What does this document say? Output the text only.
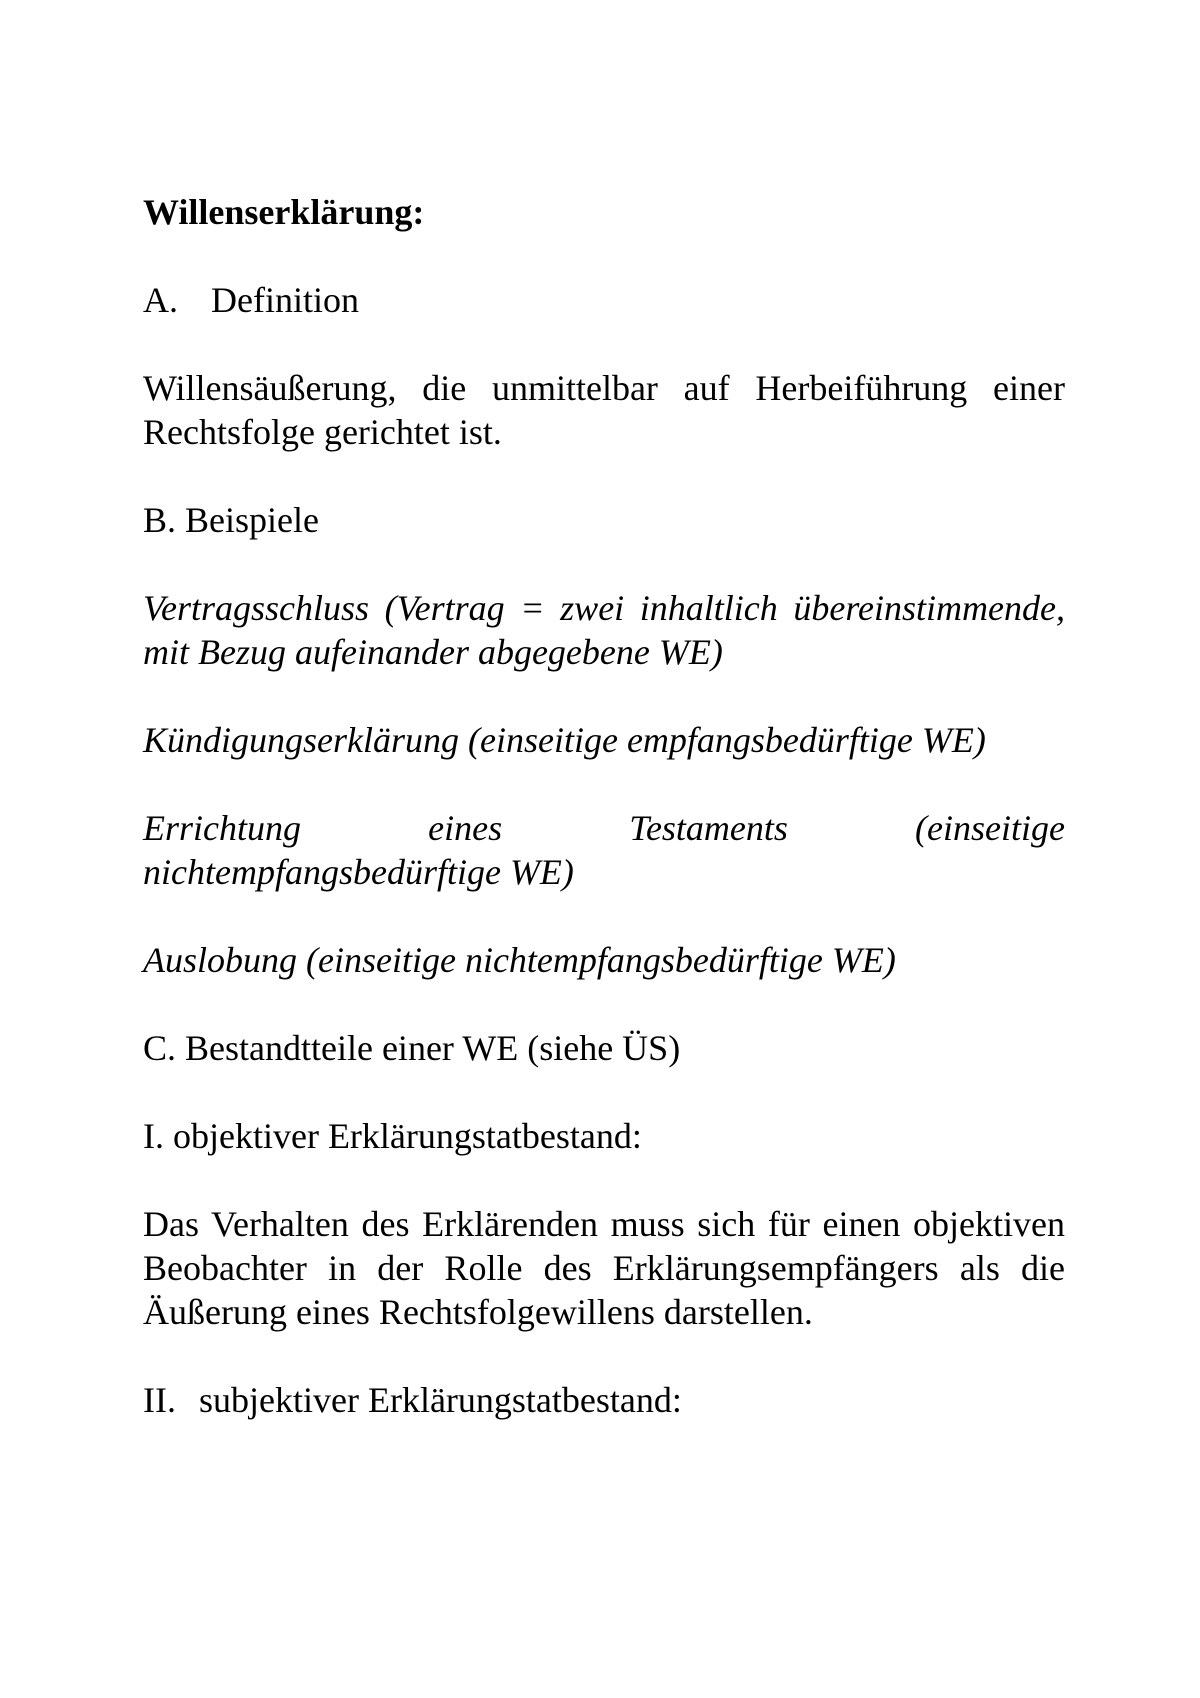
Willenserklärung:
A. Definition
Willensäußerung, die unmittelbar auf Herbeiführung einer Rechtsfolge gerichtet ist.
B. Beispiele
Vertragsschluss (Vertrag = zwei inhaltlich übereinstimmende, mit Bezug aufeinander abgegebene WE)
Kündigungserklärung (einseitige empfangsbedürftige WE)
Errichtung eines Testaments (einseitige nichtempfangsbedürftige WE)
Auslobung (einseitige nichtempfangsbedürftige WE)
C. Bestandtteile einer WE (siehe ÜS)
I. objektiver Erklärungstatbestand:
Das Verhalten des Erklärenden muss sich für einen objektiven Beobachter in der Rolle des Erklärungsempfängers als die Äußerung eines Rechtsfolgewillens darstellen.
II. subjektiver Erklärungstatbestand:
